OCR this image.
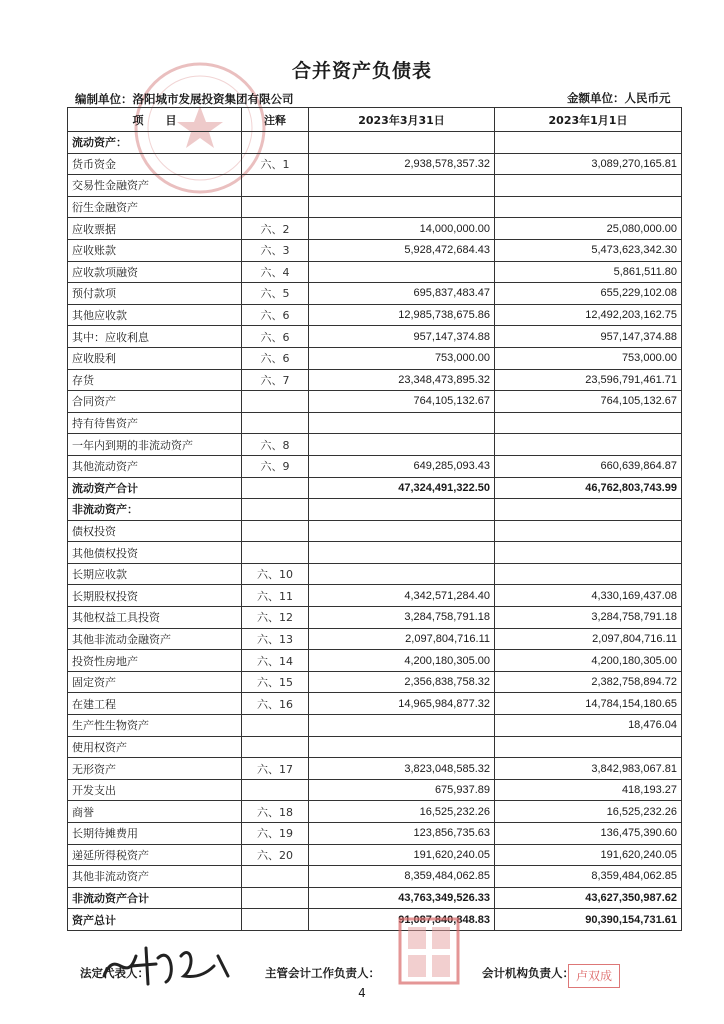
合并资产负债表
编制单位：洛阳城市发展投资集团有限公司	金额单位：人民币元
项　　目	注释	2023年3月31日	2023年1月1日
流动资产：			
货币资金	六、1	2,938,578,357.32	3,089,270,165.81
交易性金融资产			
衍生金融资产			
应收票据	六、2	14,000,000.00	25,080,000.00
应收账款	六、3	5,928,472,684.43	5,473,623,342.30
应收款项融资	六、4		5,861,511.80
预付款项	六、5	695,837,483.47	655,229,102.08
其他应收款	六、6	12,985,738,675.86	12,492,203,162.75
其中：应收利息	六、6	957,147,374.88	957,147,374.88
应收股利	六、6	753,000.00	753,000.00
存货	六、7	23,348,473,895.32	23,596,791,461.71
合同资产		764,105,132.67	764,105,132.67
持有待售资产			
一年内到期的非流动资产	六、8		
其他流动资产	六、9	649,285,093.43	660,639,864.87
流动资产合计		47,324,491,322.50	46,762,803,743.99
非流动资产：			
债权投资			
其他债权投资			
长期应收款	六、10		
长期股权投资	六、11	4,342,571,284.40	4,330,169,437.08
其他权益工具投资	六、12	3,284,758,791.18	3,284,758,791.18
其他非流动金融资产	六、13	2,097,804,716.11	2,097,804,716.11
投资性房地产	六、14	4,200,180,305.00	4,200,180,305.00
固定资产	六、15	2,356,838,758.32	2,382,758,894.72
在建工程	六、16	14,965,984,877.32	14,784,154,180.65
生产性生物资产			18,476.04
使用权资产			
无形资产	六、17	3,823,048,585.32	3,842,983,067.81
开发支出		675,937.89	418,193.27
商誉	六、18	16,525,232.26	16,525,232.26
长期待摊费用	六、19	123,856,735.63	136,475,390.60
递延所得税资产	六、20	191,620,240.05	191,620,240.05
其他非流动资产		8,359,484,062.85	8,359,484,062.85
非流动资产合计		43,763,349,526.33	43,627,350,987.62
资产总计		91,087,840,848.83	90,390,154,731.61
法定代表人：	主管会计工作负责人：	会计机构负责人： 卢双成
4
